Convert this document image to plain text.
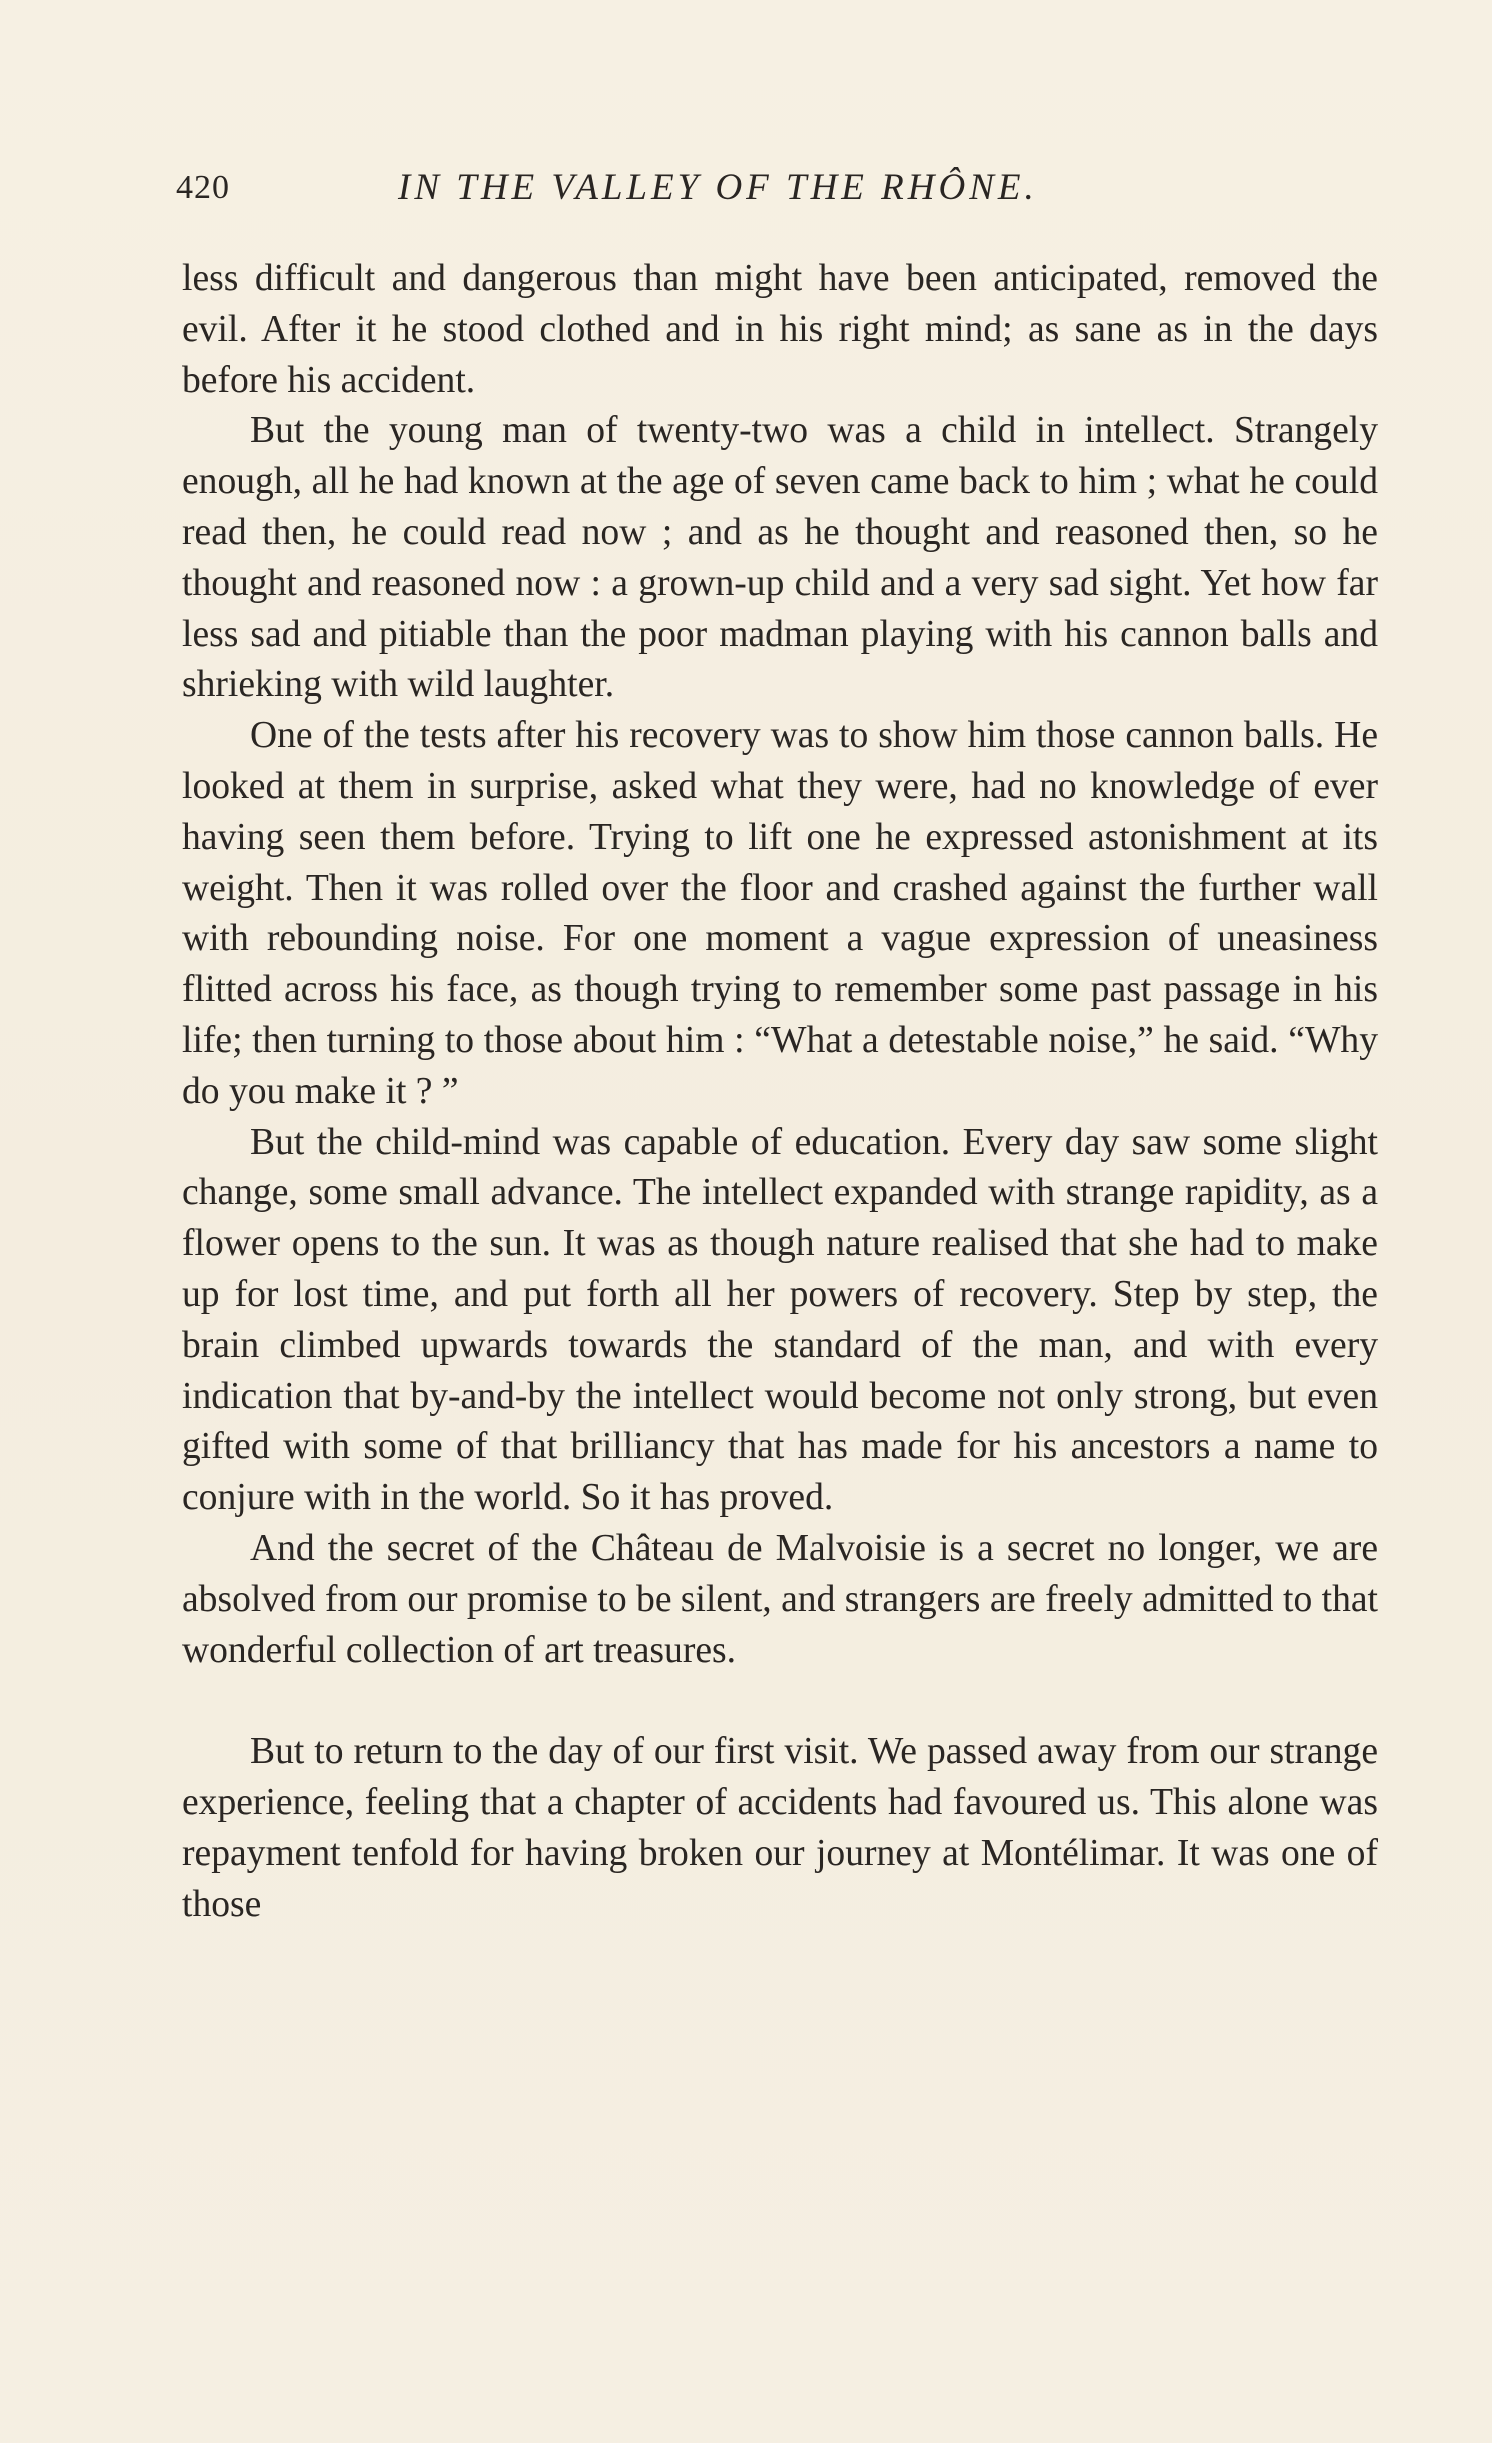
420	IN THE VALLEY OF THE RHÔNE.

less difficult and dangerous than might have been anticipated, removed the evil. After it he stood clothed and in his right mind; as sane as in the days before his accident.

But the young man of twenty-two was a child in intellect. Strangely enough, all he had known at the age of seven came back to him ; what he could read then, he could read now ; and as he thought and reasoned then, so he thought and reasoned now : a grown-up child and a very sad sight. Yet how far less sad and pitiable than the poor madman playing with his cannon balls and shrieking with wild laughter.

One of the tests after his recovery was to show him those cannon balls. He looked at them in surprise, asked what they were, had no knowledge of ever having seen them before. Trying to lift one he expressed astonishment at its weight. Then it was rolled over the floor and crashed against the further wall with rebounding noise. For one moment a vague expression of uneasiness flitted across his face, as though trying to remember some past passage in his life; then turning to those about him : “What a detestable noise,” he said. “Why do you make it ? ”

But the child-mind was capable of education. Every day saw some slight change, some small advance. The intellect expanded with strange rapidity, as a flower opens to the sun. It was as though nature realised that she had to make up for lost time, and put forth all her powers of recovery. Step by step, the brain climbed upwards towards the standard of the man, and with every indication that by-and-by the intellect would become not only strong, but even gifted with some of that brilliancy that has made for his ancestors a name to conjure with in the world. So it has proved.

And the secret of the Château de Malvoisie is a secret no longer, we are absolved from our promise to be silent, and strangers are freely admitted to that wonderful collection of art treasures.

But to return to the day of our first visit. We passed away from our strange experience, feeling that a chapter of accidents had favoured us. This alone was repayment tenfold for having broken our journey at Montélimar. It was one of those
